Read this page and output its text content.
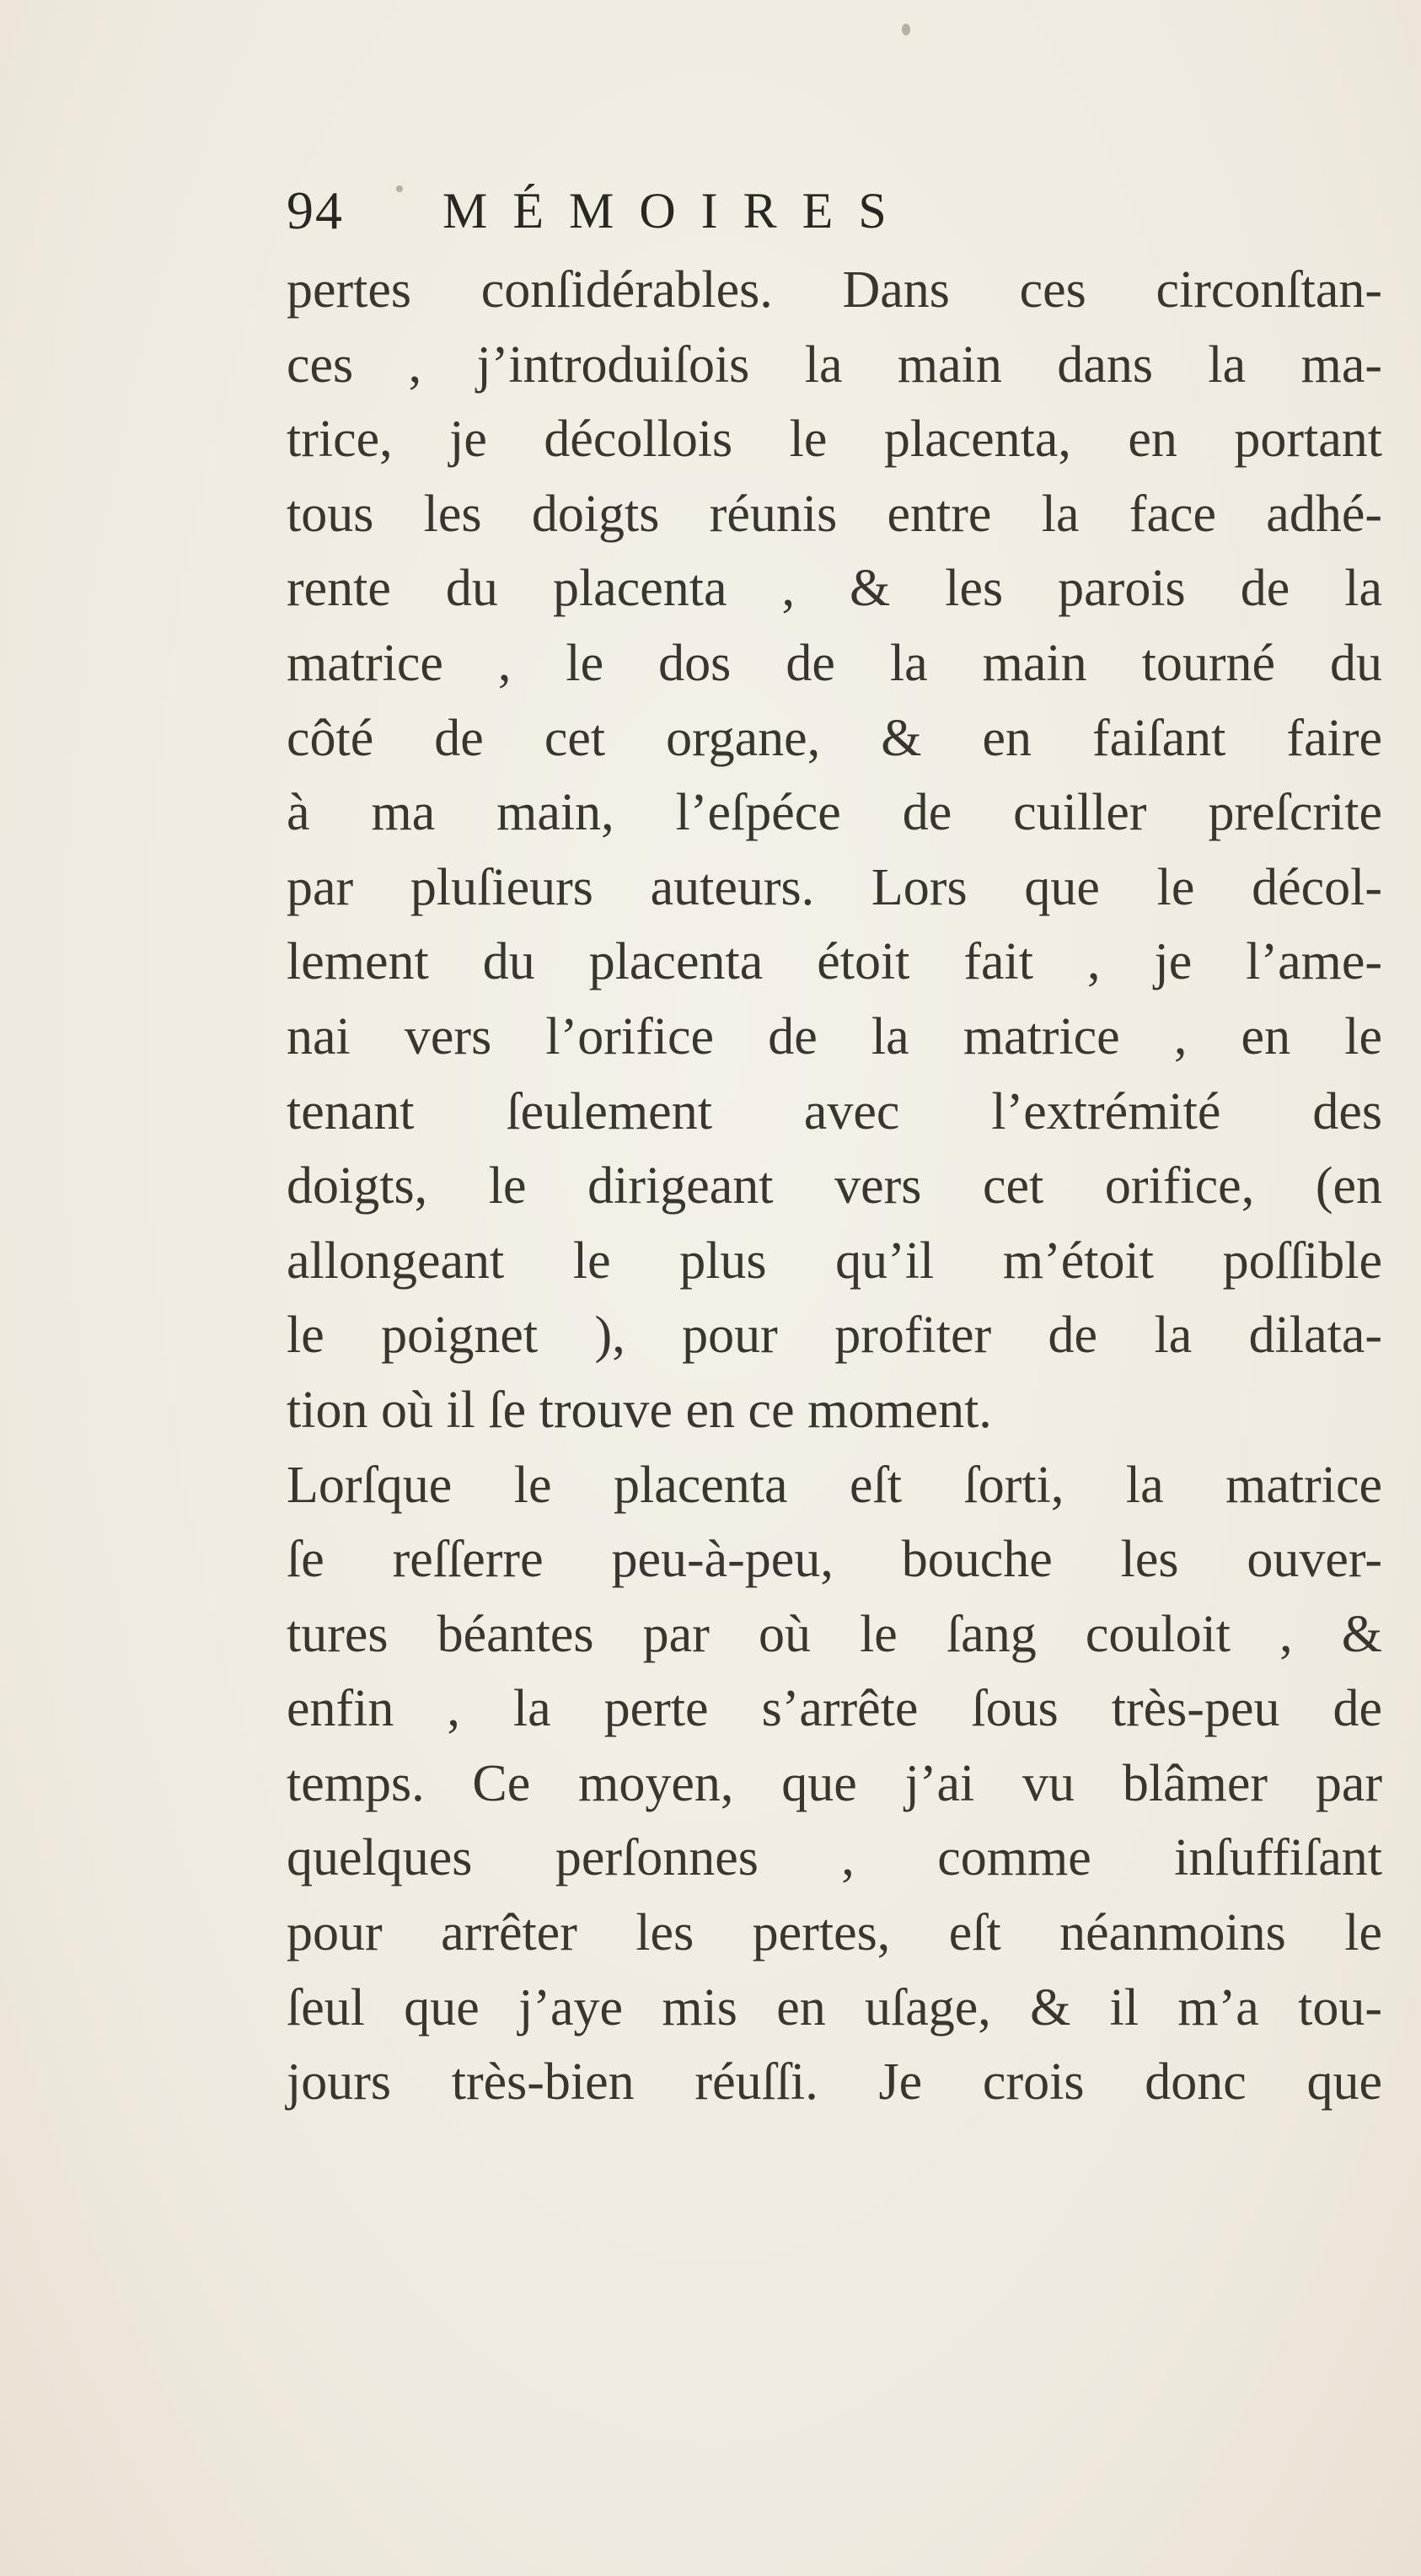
94 MÉMOIRES
pertes conſidérables. Dans ces circonſtan-
ces , j’introduiſois la main dans la ma-
trice, je décollois le placenta, en portant
tous les doigts réunis entre la face adhé-
rente du placenta , & les parois de la
matrice , le dos de la main tourné du
côté de cet organe, & en faiſant faire
à ma main, l’eſpéce de cuiller preſcrite
par pluſieurs auteurs. Lors que le décol-
lement du placenta étoit fait , je l’ame-
nai vers l’orifice de la matrice , en le
tenant ſeulement avec l’extrémité des
doigts, le dirigeant vers cet orifice, (en
allongeant le plus qu’il m’étoit poſſible
le poignet ), pour profiter de la dilata-
tion où il ſe trouve en ce moment.
Lorſque le placenta eſt ſorti, la matrice
ſe reſſerre peu-à-peu, bouche les ouver-
tures béantes par où le ſang couloit , &
enfin , la perte s’arrête ſous très-peu de
temps. Ce moyen, que j’ai vu blâmer par
quelques perſonnes , comme inſuffiſant
pour arrêter les pertes, eſt néanmoins le
ſeul que j’aye mis en uſage, & il m’a tou-
jours très-bien réuſſi. Je crois donc que
